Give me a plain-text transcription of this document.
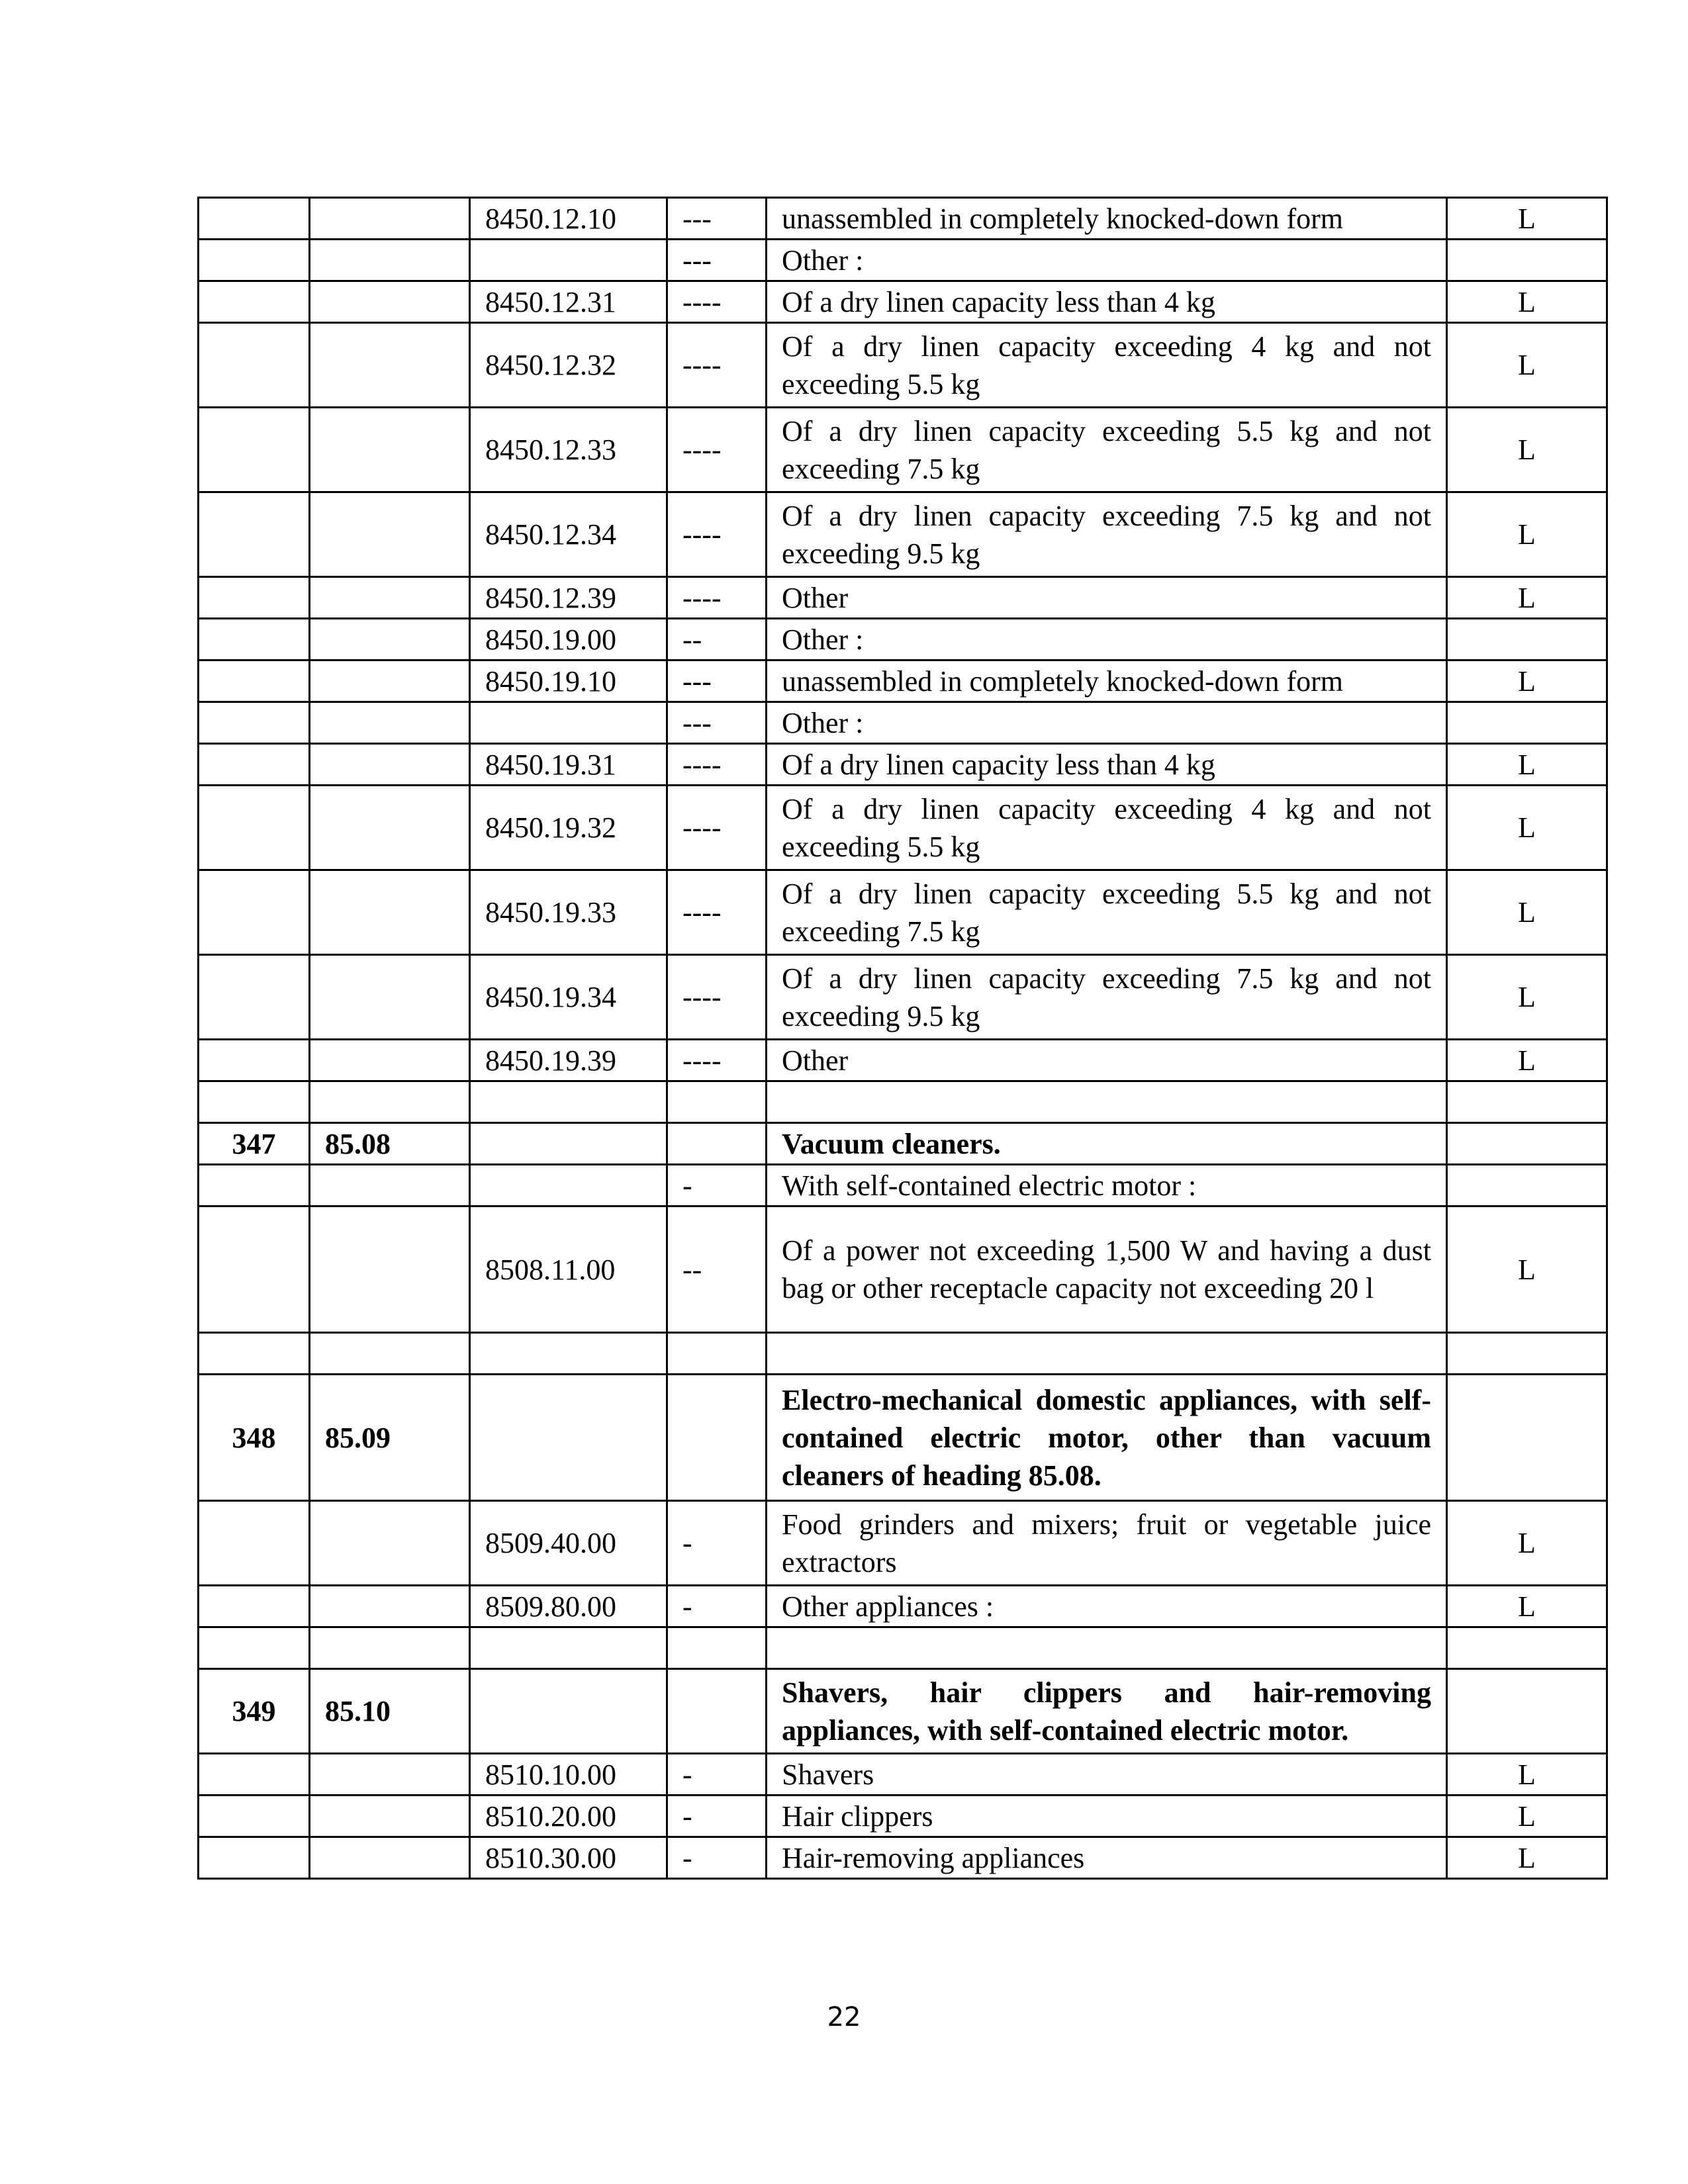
		8450.12.10	---	unassembled in completely knocked-down form	L
			---	Other :	
		8450.12.31	----	Of a dry linen capacity less than 4 kg	L
		8450.12.32	----	Of a dry linen capacity exceeding 4 kg and not exceeding 5.5 kg	L
		8450.12.33	----	Of a dry linen capacity exceeding 5.5 kg and not exceeding 7.5 kg	L
		8450.12.34	----	Of a dry linen capacity exceeding 7.5 kg and not exceeding 9.5 kg	L
		8450.12.39	----	Other	L
		8450.19.00	--	Other :	
		8450.19.10	---	unassembled in completely knocked-down form	L
			---	Other :	
		8450.19.31	----	Of a dry linen capacity less than 4 kg	L
		8450.19.32	----	Of a dry linen capacity exceeding 4 kg and not exceeding 5.5 kg	L
		8450.19.33	----	Of a dry linen capacity exceeding 5.5 kg and not exceeding 7.5 kg	L
		8450.19.34	----	Of a dry linen capacity exceeding 7.5 kg and not exceeding 9.5 kg	L
		8450.19.39	----	Other	L

347	85.08			Vacuum cleaners.	
			-	With self-contained electric motor :	
		8508.11.00	--	Of a power not exceeding 1,500 W and having a dust bag or other receptacle capacity not exceeding 20 l	L

348	85.09			Electro-mechanical domestic appliances, with self-contained electric motor, other than vacuum cleaners of heading 85.08.	
		8509.40.00	-	Food grinders and mixers; fruit or vegetable juice extractors	L
		8509.80.00	-	Other appliances :	L

349	85.10			Shavers, hair clippers and hair-removing appliances, with self-contained electric motor.	
		8510.10.00	-	Shavers	L
		8510.20.00	-	Hair clippers	L
		8510.30.00	-	Hair-removing appliances	L
22
